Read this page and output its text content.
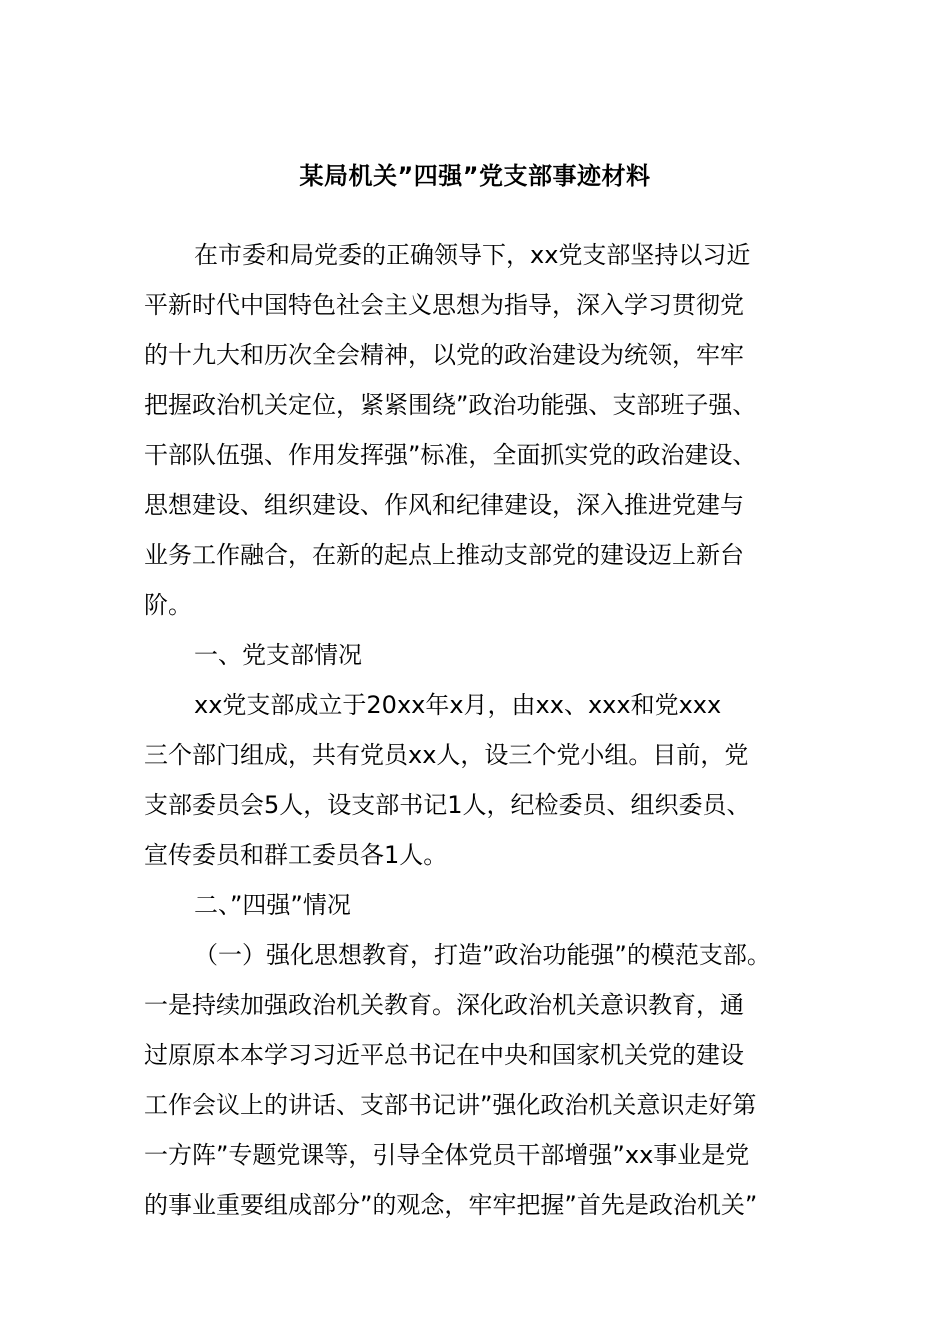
某局机关”四强”党支部事迹材料
在市委和局党委的正确领导下，xx党支部坚持以习近
平新时代中国特色社会主义思想为指导，深入学习贯彻党
的十九大和历次全会精神，以党的政治建设为统领，牢牢
把握政治机关定位，紧紧围绕”政治功能强、支部班子强、
干部队伍强、作用发挥强”标准，全面抓实党的政治建设、
思想建设、组织建设、作风和纪律建设，深入推进党建与
业务工作融合，在新的起点上推动支部党的建设迈上新台
阶。
一、党支部情况
xx党支部成立于20xx年x月，由xx、xxx和党xxx
三个部门组成，共有党员xx人，设三个党小组。目前，党
支部委员会5人，设支部书记1人，纪检委员、组织委员、
宣传委员和群工委员各1人。
二、”四强”情况
（一）强化思想教育，打造”政治功能强”的模范支部。
一是持续加强政治机关教育。深化政治机关意识教育，通
过原原本本学习习近平总书记在中央和国家机关党的建设
工作会议上的讲话、支部书记讲”强化政治机关意识走好第
一方阵”专题党课等，引导全体党员干部增强”xx事业是党
的事业重要组成部分”的观念，牢牢把握”首先是政治机关”
